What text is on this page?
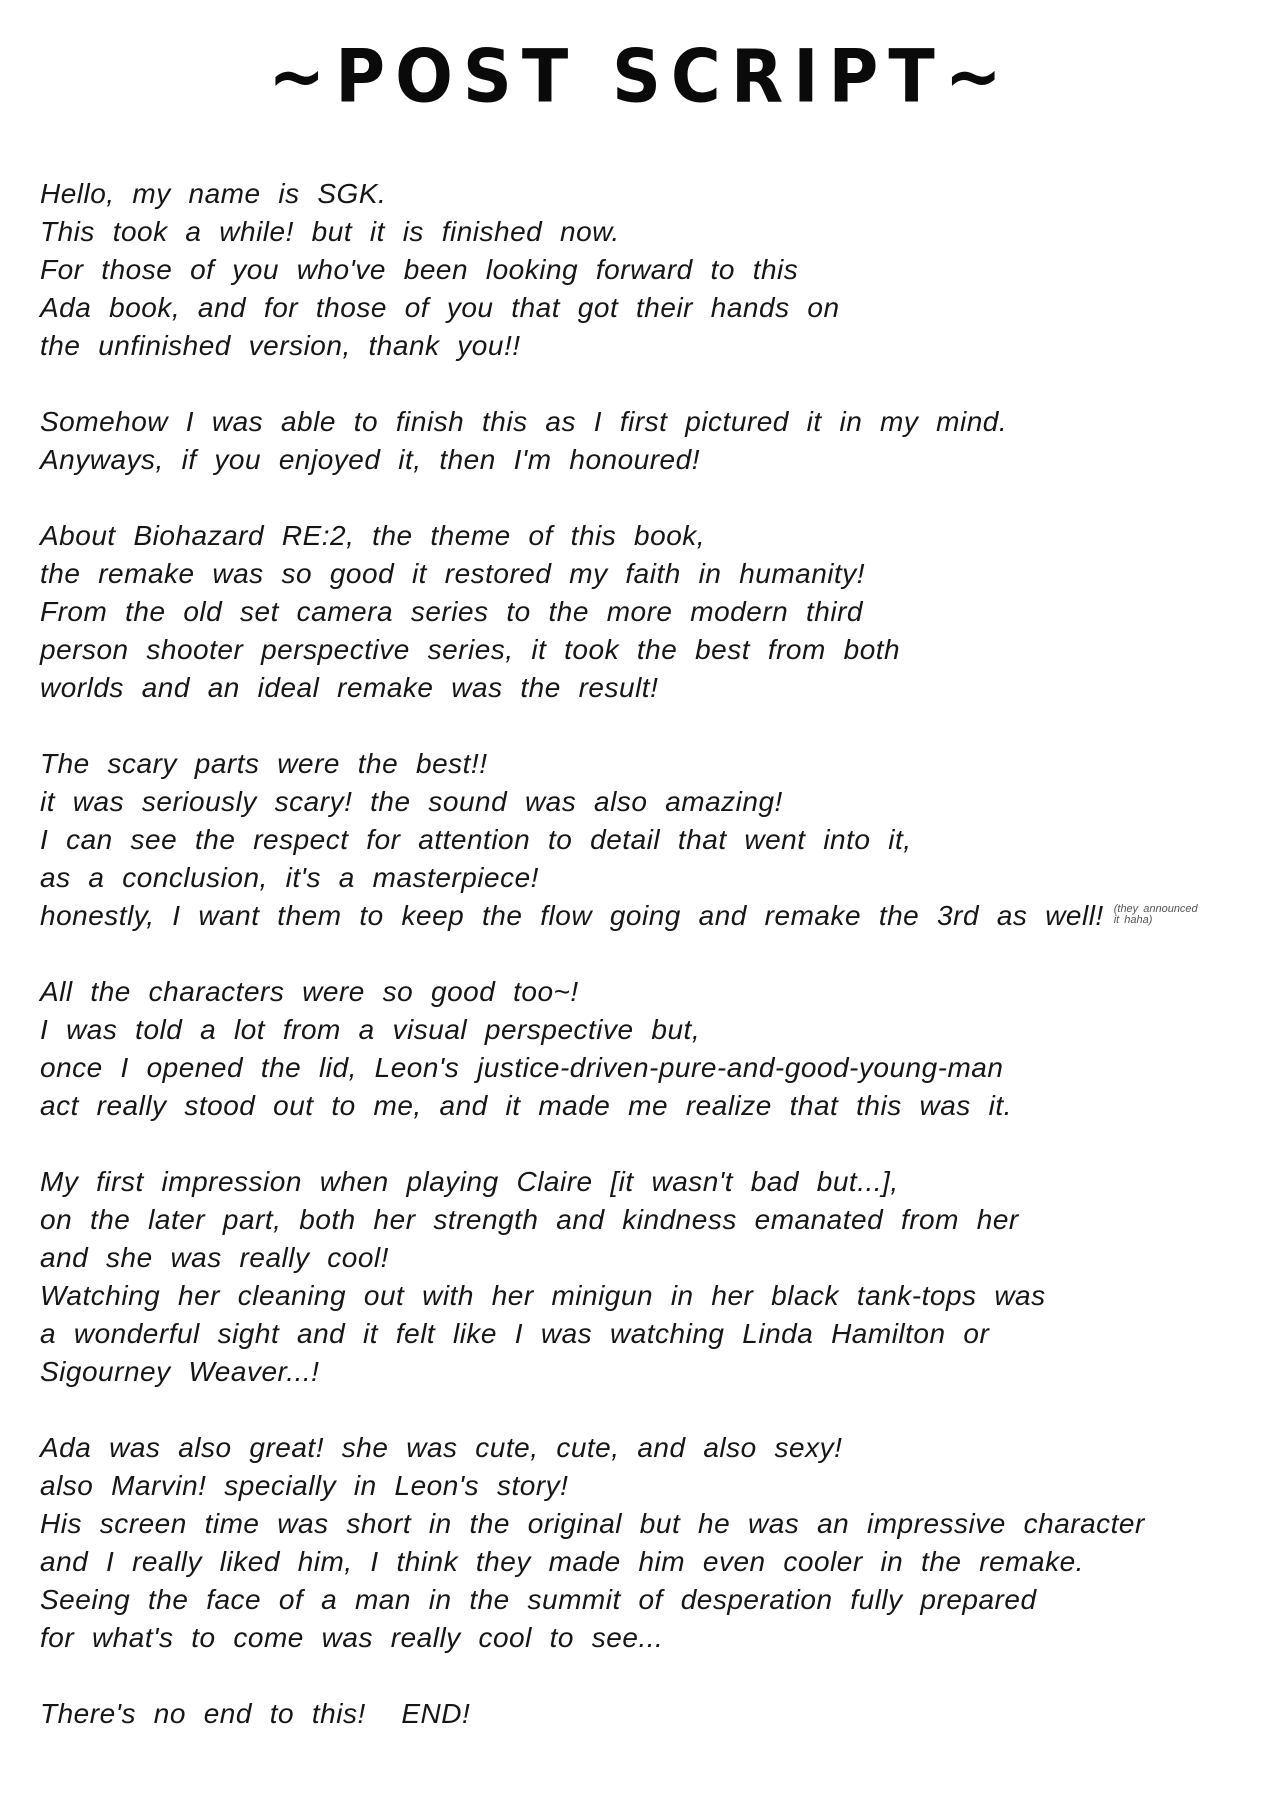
~POST SCRIPT~
Hello, my name is SGK.
This took a while! but it is finished now.
For those of you who've been looking forward to this
Ada book, and for those of you that got their hands on
the unfinished version, thank you!!
Somehow I was able to finish this as I first pictured it in my mind.
Anyways, if you enjoyed it, then I'm honoured!
About Biohazard RE:2, the theme of this book,
the remake was so good it restored my faith in humanity!
From the old set camera series to the more modern third
person shooter perspective series, it took the best from both
worlds and an ideal remake was the result!
The scary parts were the best!!
it was seriously scary! the sound was also amazing!
I can see the respect for attention to detail that went into it,
as a conclusion, it's a masterpiece!
honestly, I want them to keep the flow going and remake the 3rd as well! (they announced
it haha)
All the characters were so good too~!
I was told a lot from a visual perspective but,
once I opened the lid, Leon's justice-driven-pure-and-good-young-man
act really stood out to me, and it made me realize that this was it.
My first impression when playing Claire [it wasn't bad but...],
on the later part, both her strength and kindness emanated from her
and she was really cool!
Watching her cleaning out with her minigun in her black tank-tops was
a wonderful sight and it felt like I was watching Linda Hamilton or
Sigourney Weaver...!
Ada was also great! she was cute, cute, and also sexy!
also Marvin! specially in Leon's story!
His screen time was short in the original but he was an impressive character
and I really liked him, I think they made him even cooler in the remake.
Seeing the face of a man in the summit of desperation fully prepared
for what's to come was really cool to see...
There's no end to this!  END!
